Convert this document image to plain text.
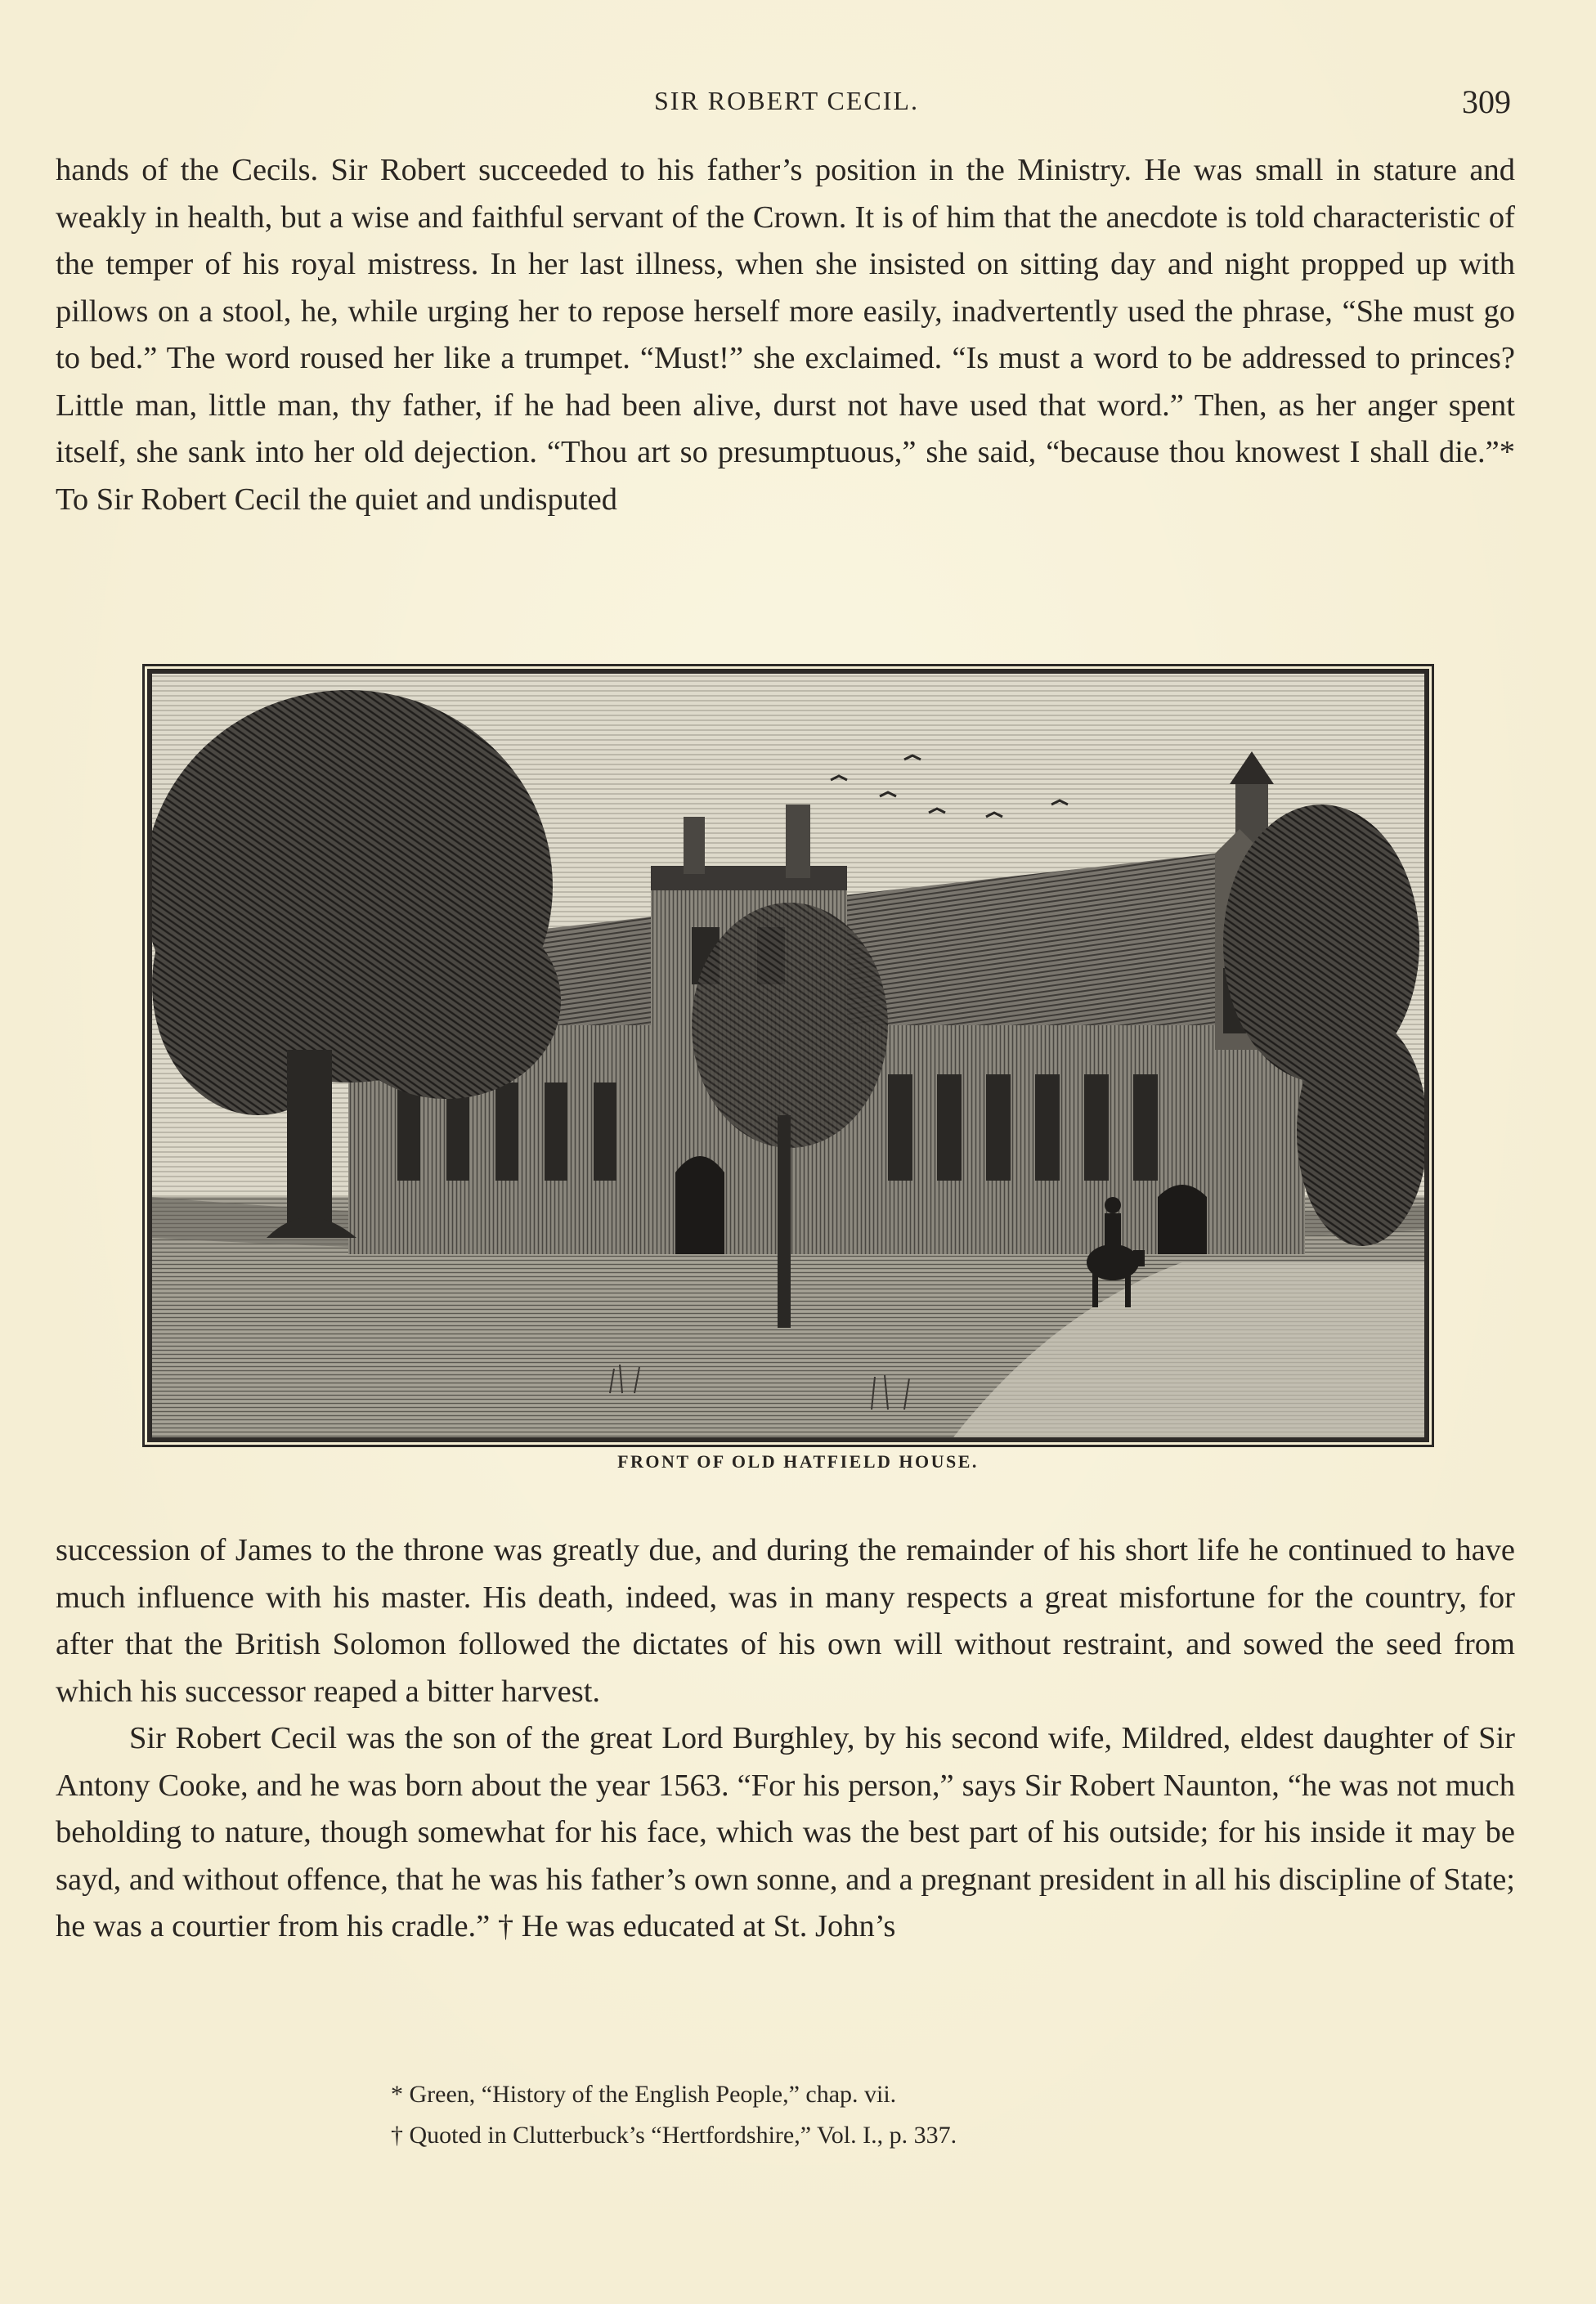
SIR ROBERT CECIL.	309

hands of the Cecils. Sir Robert succeeded to his father’s position in the Ministry. He was small in stature and weakly in health, but a wise and faithful servant of the Crown. It is of him that the anecdote is told characteristic of the temper of his royal mistress. In her last illness, when she insisted on sitting day and night propped up with pillows on a stool, he, while urging her to repose herself more easily, inadvertently used the phrase, “She must go to bed.” The word roused her like a trumpet. “Must!” she exclaimed. “Is must a word to be addressed to princes? Little man, little man, thy father, if he had been alive, durst not have used that word.” Then, as her anger spent itself, she sank into her old dejection. “Thou art so presumptuous,” she said, “because thou knowest I shall die.”* To Sir Robert Cecil the quiet and undisputed

FRONT OF OLD HATFIELD HOUSE.

succession of James to the throne was greatly due, and during the remainder of his short life he continued to have much influence with his master. His death, indeed, was in many respects a great misfortune for the country, for after that the British Solomon followed the dictates of his own will without restraint, and sowed the seed from which his successor reaped a bitter harvest.

Sir Robert Cecil was the son of the great Lord Burghley, by his second wife, Mildred, eldest daughter of Sir Antony Cooke, and he was born about the year 1563. “For his person,” says Sir Robert Naunton, “he was not much beholding to nature, though somewhat for his face, which was the best part of his outside; for his inside it may be sayd, and without offence, that he was his father’s own sonne, and a pregnant president in all his discipline of State; he was a courtier from his cradle.” † He was educated at St. John’s

* Green, “History of the English People,” chap. vii.
† Quoted in Clutterbuck’s “Hertfordshire,” Vol. I., p. 337.
